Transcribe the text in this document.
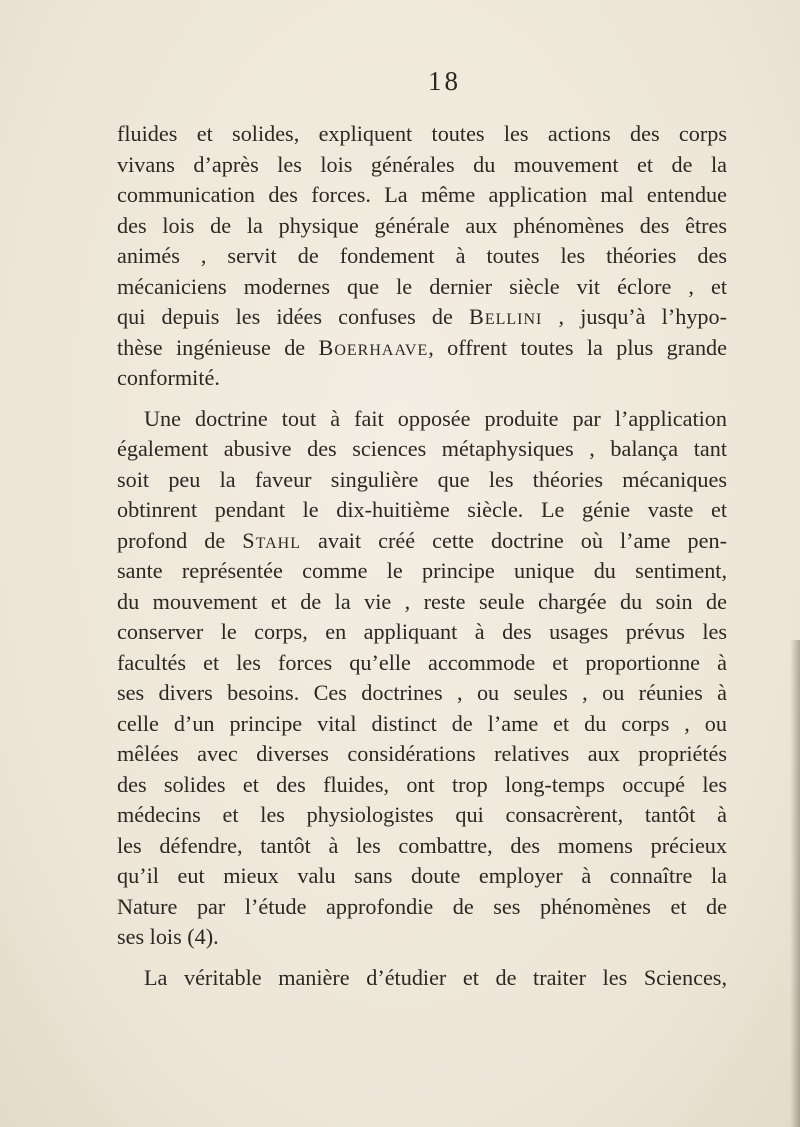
18

fluides et solides, expliquent toutes les actions des corps
vivans d’après les lois générales du mouvement et de la
communication des forces. La même application mal entendue
des lois de la physique générale aux phénomènes des êtres
animés , servit de fondement à toutes les théories des
mécaniciens modernes que le dernier siècle vit éclore , et
qui depuis les idées confuses de Bellini , jusqu’à l’hypo-
thèse ingénieuse de Boerhaave, offrent toutes la plus grande
conformité.

Une doctrine tout à fait opposée produite par l’application
également abusive des sciences métaphysiques , balança tant
soit peu la faveur singulière que les théories mécaniques
obtinrent pendant le dix-huitième siècle. Le génie vaste et
profond de Stahl avait créé cette doctrine où l’ame pen-
sante représentée comme le principe unique du sentiment,
du mouvement et de la vie , reste seule chargée du soin de
conserver le corps, en appliquant à des usages prévus les
facultés et les forces qu’elle accommode et proportionne à
ses divers besoins. Ces doctrines , ou seules , ou réunies à
celle d’un principe vital distinct de l’ame et du corps , ou
mêlées avec diverses considérations relatives aux propriétés
des solides et des fluides, ont trop long-temps occupé les
médecins et les physiologistes qui consacrèrent, tantôt à
les défendre, tantôt à les combattre, des momens précieux
qu’il eut mieux valu sans doute employer à connaître la
Nature par l’étude approfondie de ses phénomènes et de
ses lois (4).

La véritable manière d’étudier et de traiter les Sciences,
